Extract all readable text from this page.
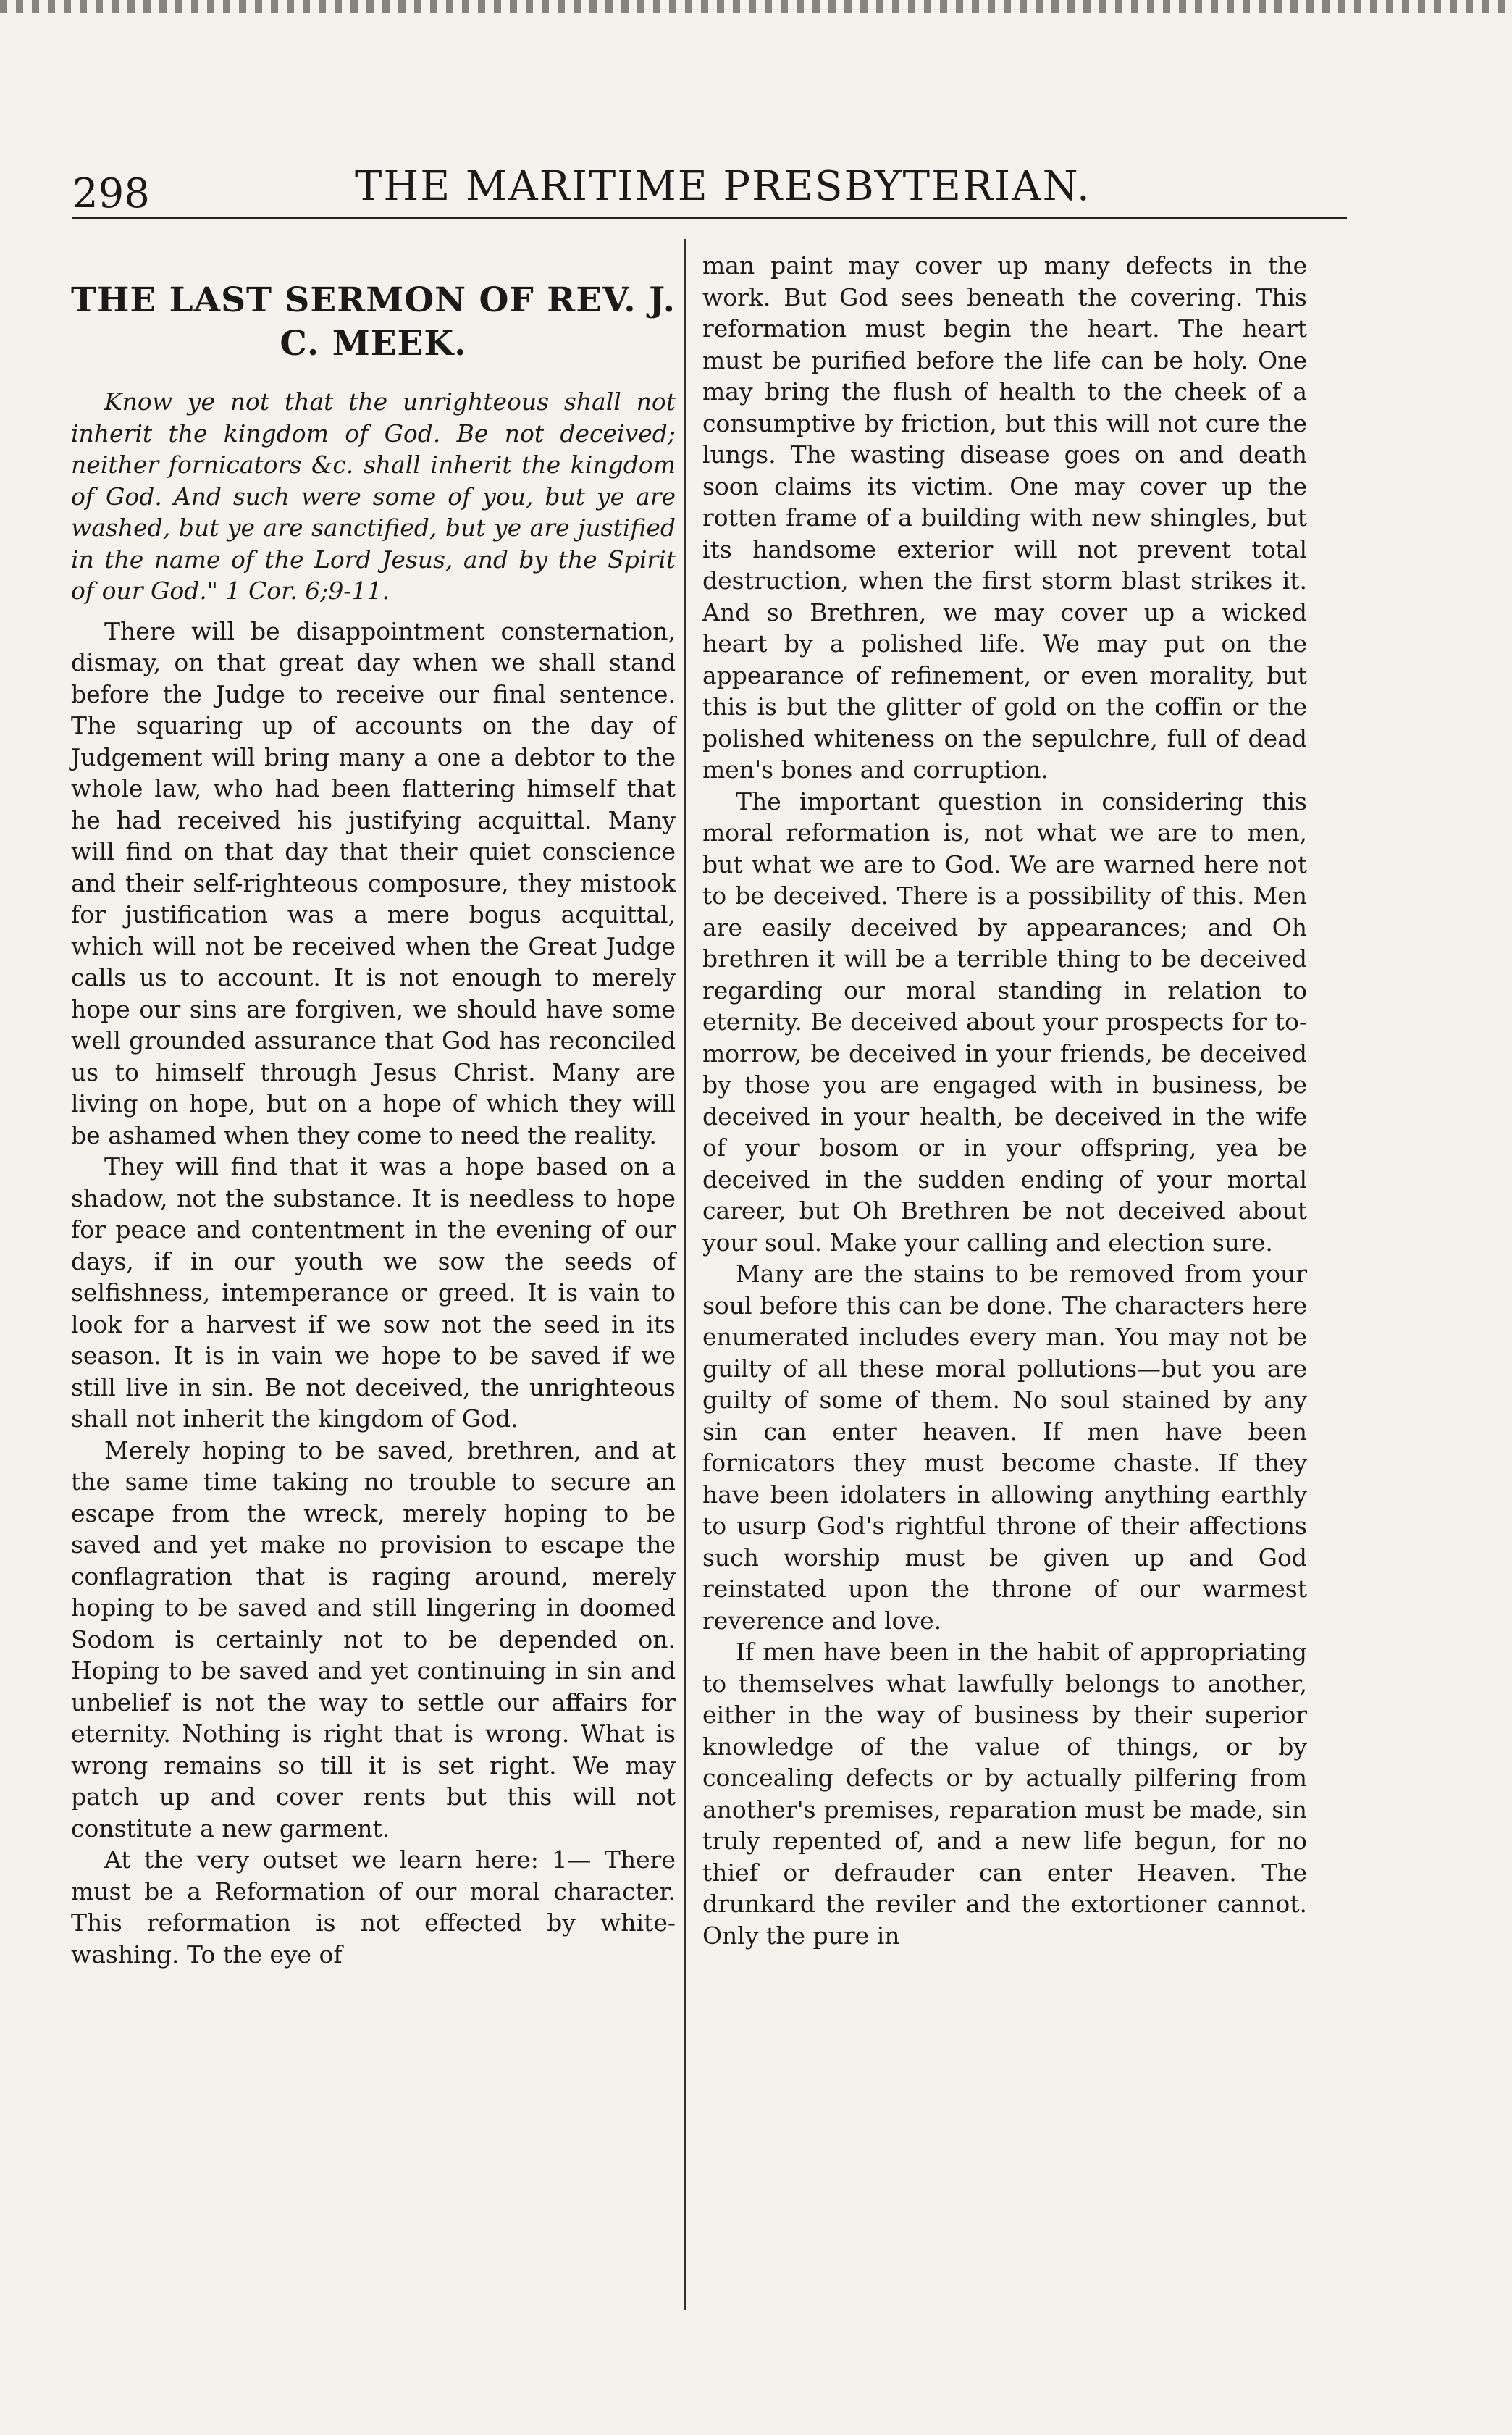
298	THE MARITIME PRESBYTERIAN.
THE LAST SERMON OF REV. J. C. MEEK.

Know ye not that the unrighteous shall not inherit the kingdom of God. Be not deceived; neither fornicators &c. shall inherit the kingdom of God. And such were some of you, but ye are washed, but ye are sanctified, but ye are justified in the name of the Lord Jesus, and by the Spirit of our God." 1 Cor. 6;9-11.

There will be disappointment consternation, dismay, on that great day when we shall stand before the Judge to receive our final sentence. The squaring up of accounts on the day of Judgement will bring many a one a debtor to the whole law, who had been flattering himself that he had received his justifying acquittal. Many will find on that day that their quiet conscience and their self-righteous composure, they mistook for justification was a mere bogus acquittal, which will not be received when the Great Judge calls us to account. It is not enough to merely hope our sins are forgiven, we should have some well grounded assurance that God has reconciled us to himself through Jesus Christ. Many are living on hope, but on a hope of which they will be ashamed when they come to need the reality.

They will find that it was a hope based on a shadow, not the substance. It is needless to hope for peace and contentment in the evening of our days, if in our youth we sow the seeds of selfishness, intemperance or greed. It is vain to look for a harvest if we sow not the seed in its season. It is in vain we hope to be saved if we still live in sin. Be not deceived, the unrighteous shall not inherit the kingdom of God.

Merely hoping to be saved, brethren, and at the same time taking no trouble to secure an escape from the wreck, merely hoping to be saved and yet make no provision to escape the conflagration that is raging around, merely hoping to be saved and still lingering in doomed Sodom is certainly not to be depended on. Hoping to be saved and yet continuing in sin and unbelief is not the way to settle our affairs for eternity. Nothing is right that is wrong. What is wrong remains so till it is set right. We may patch up and cover rents but this will not constitute a new garment.

At the very outset we learn here: 1— There must be a Reformation of our moral character. This reformation is not effected by white-washing. To the eye of

man paint may cover up many defects in the work. But God sees beneath the covering. This reformation must begin the heart. The heart must be purified before the life can be holy. One may bring the flush of health to the cheek of a consumptive by friction, but this will not cure the lungs. The wasting disease goes on and death soon claims its victim. One may cover up the rotten frame of a building with new shingles, but its handsome exterior will not prevent total destruction, when the first storm blast strikes it. And so Brethren, we may cover up a wicked heart by a polished life. We may put on the appearance of refinement, or even morality, but this is but the glitter of gold on the coffin or the polished whiteness on the sepulchre, full of dead men's bones and corruption.

The important question in considering this moral reformation is, not what we are to men, but what we are to God. We are warned here not to be deceived. There is a possibility of this. Men are easily deceived by appearances; and Oh brethren it will be a terrible thing to be deceived regarding our moral standing in relation to eternity. Be deceived about your prospects for to-morrow, be deceived in your friends, be deceived by those you are engaged with in business, be deceived in your health, be deceived in the wife of your bosom or in your offspring, yea be deceived in the sudden ending of your mortal career, but Oh Brethren be not deceived about your soul. Make your calling and election sure.

Many are the stains to be removed from your soul before this can be done. The characters here enumerated includes every man. You may not be guilty of all these moral pollutions—but you are guilty of some of them. No soul stained by any sin can enter heaven. If men have been fornicators they must become chaste. If they have been idolaters in allowing anything earthly to usurp God's rightful throne of their affections such worship must be given up and God reinstated upon the throne of our warmest reverence and love.

If men have been in the habit of appropriating to themselves what lawfully belongs to another, either in the way of business by their superior knowledge of the value of things, or by concealing defects or by actually pilfering from another's premises, reparation must be made, sin truly repented of, and a new life begun, for no thief or defrauder can enter Heaven. The drunkard the reviler and the extortioner cannot. Only the pure in
